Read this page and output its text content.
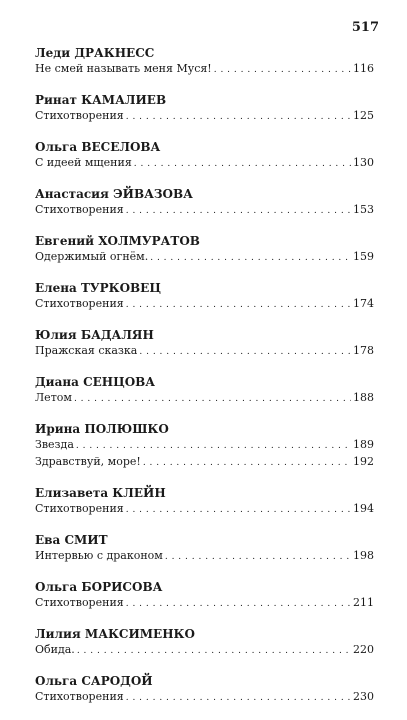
517
Леди ДРАКНЕСС
Не смей называть меня Муся! . . .	116
Ринат КАМАЛИЕВ
Стихотворения . . .	125
Ольга ВЕСЕЛОВА
С идеей мщения . . .	130
Анастасия ЭЙВАЗОВА
Стихотворения . . .	153
Евгений ХОЛМУРАТОВ
Одержимый огнём. . . .	159
Елена ТУРКОВЕЦ
Стихотворения . . .	174
Юлия БАДАЛЯН
Пражская сказка . . .	178
Диана СЕНЦОВА
Летом . . .	188
Ирина ПОЛЮШКО
Звезда . . .	189
Здравствуй, море! . . .	192
Елизавета КЛЕЙН
Стихотворения . . .	194
Ева СМИТ
Интервью с драконом . . .	198
Ольга БОРИСОВА
Стихотворения . . .	211
Лилия МАКСИМЕНКО
Обида. . . .	220
Ольга САРОДОЙ
Стихотворения . . .	230
